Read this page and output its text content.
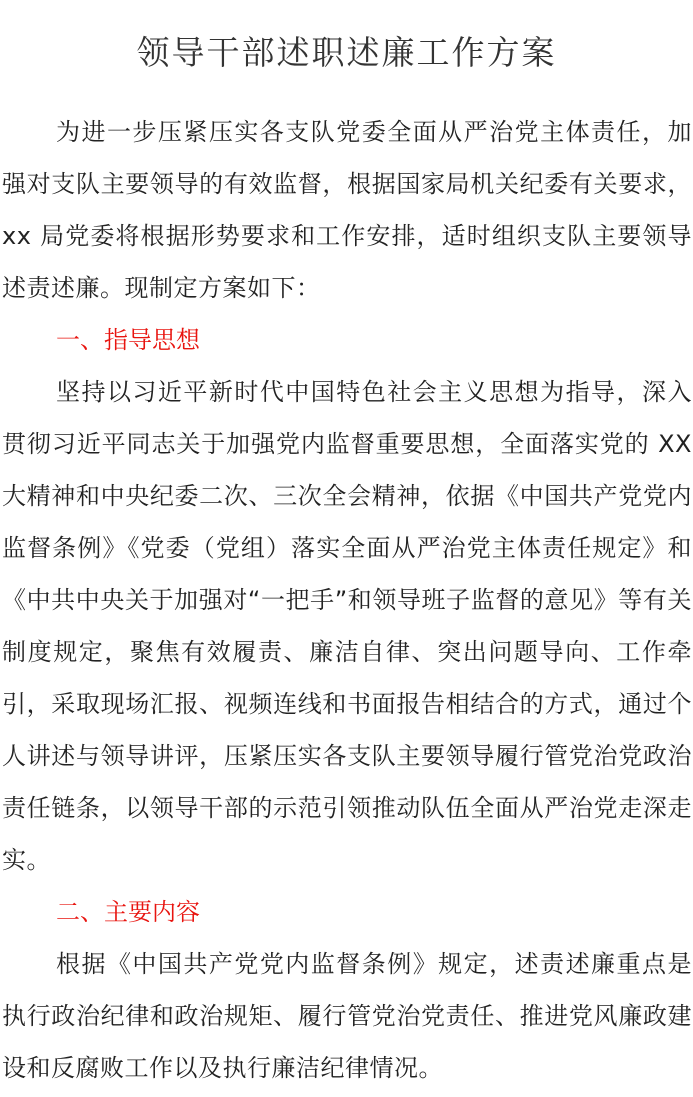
领导干部述职述廉工作方案

为进一步压紧压实各支队党委全面从严治党主体责任，加强对支队主要领导的有效监督，根据国家局机关纪委有关要求，xx 局党委将根据形势要求和工作安排，适时组织支队主要领导述责述廉。现制定方案如下：

一、指导思想

坚持以习近平新时代中国特色社会主义思想为指导，深入贯彻习近平同志关于加强党内监督重要思想，全面落实党的 XX 大精神和中央纪委二次、三次全会精神，依据《中国共产党党内监督条例》《党委（党组）落实全面从严治党主体责任规定》和《中共中央关于加强对“一把手”和领导班子监督的意见》等有关制度规定，聚焦有效履责、廉洁自律、突出问题导向、工作牵引，采取现场汇报、视频连线和书面报告相结合的方式，通过个人讲述与领导讲评，压紧压实各支队主要领导履行管党治党政治责任链条，以领导干部的示范引领推动队伍全面从严治党走深走实。

二、主要内容

根据《中国共产党党内监督条例》规定，述责述廉重点是执行政治纪律和政治规矩、履行管党治党责任、推进党风廉政建设和反腐败工作以及执行廉洁纪律情况。
